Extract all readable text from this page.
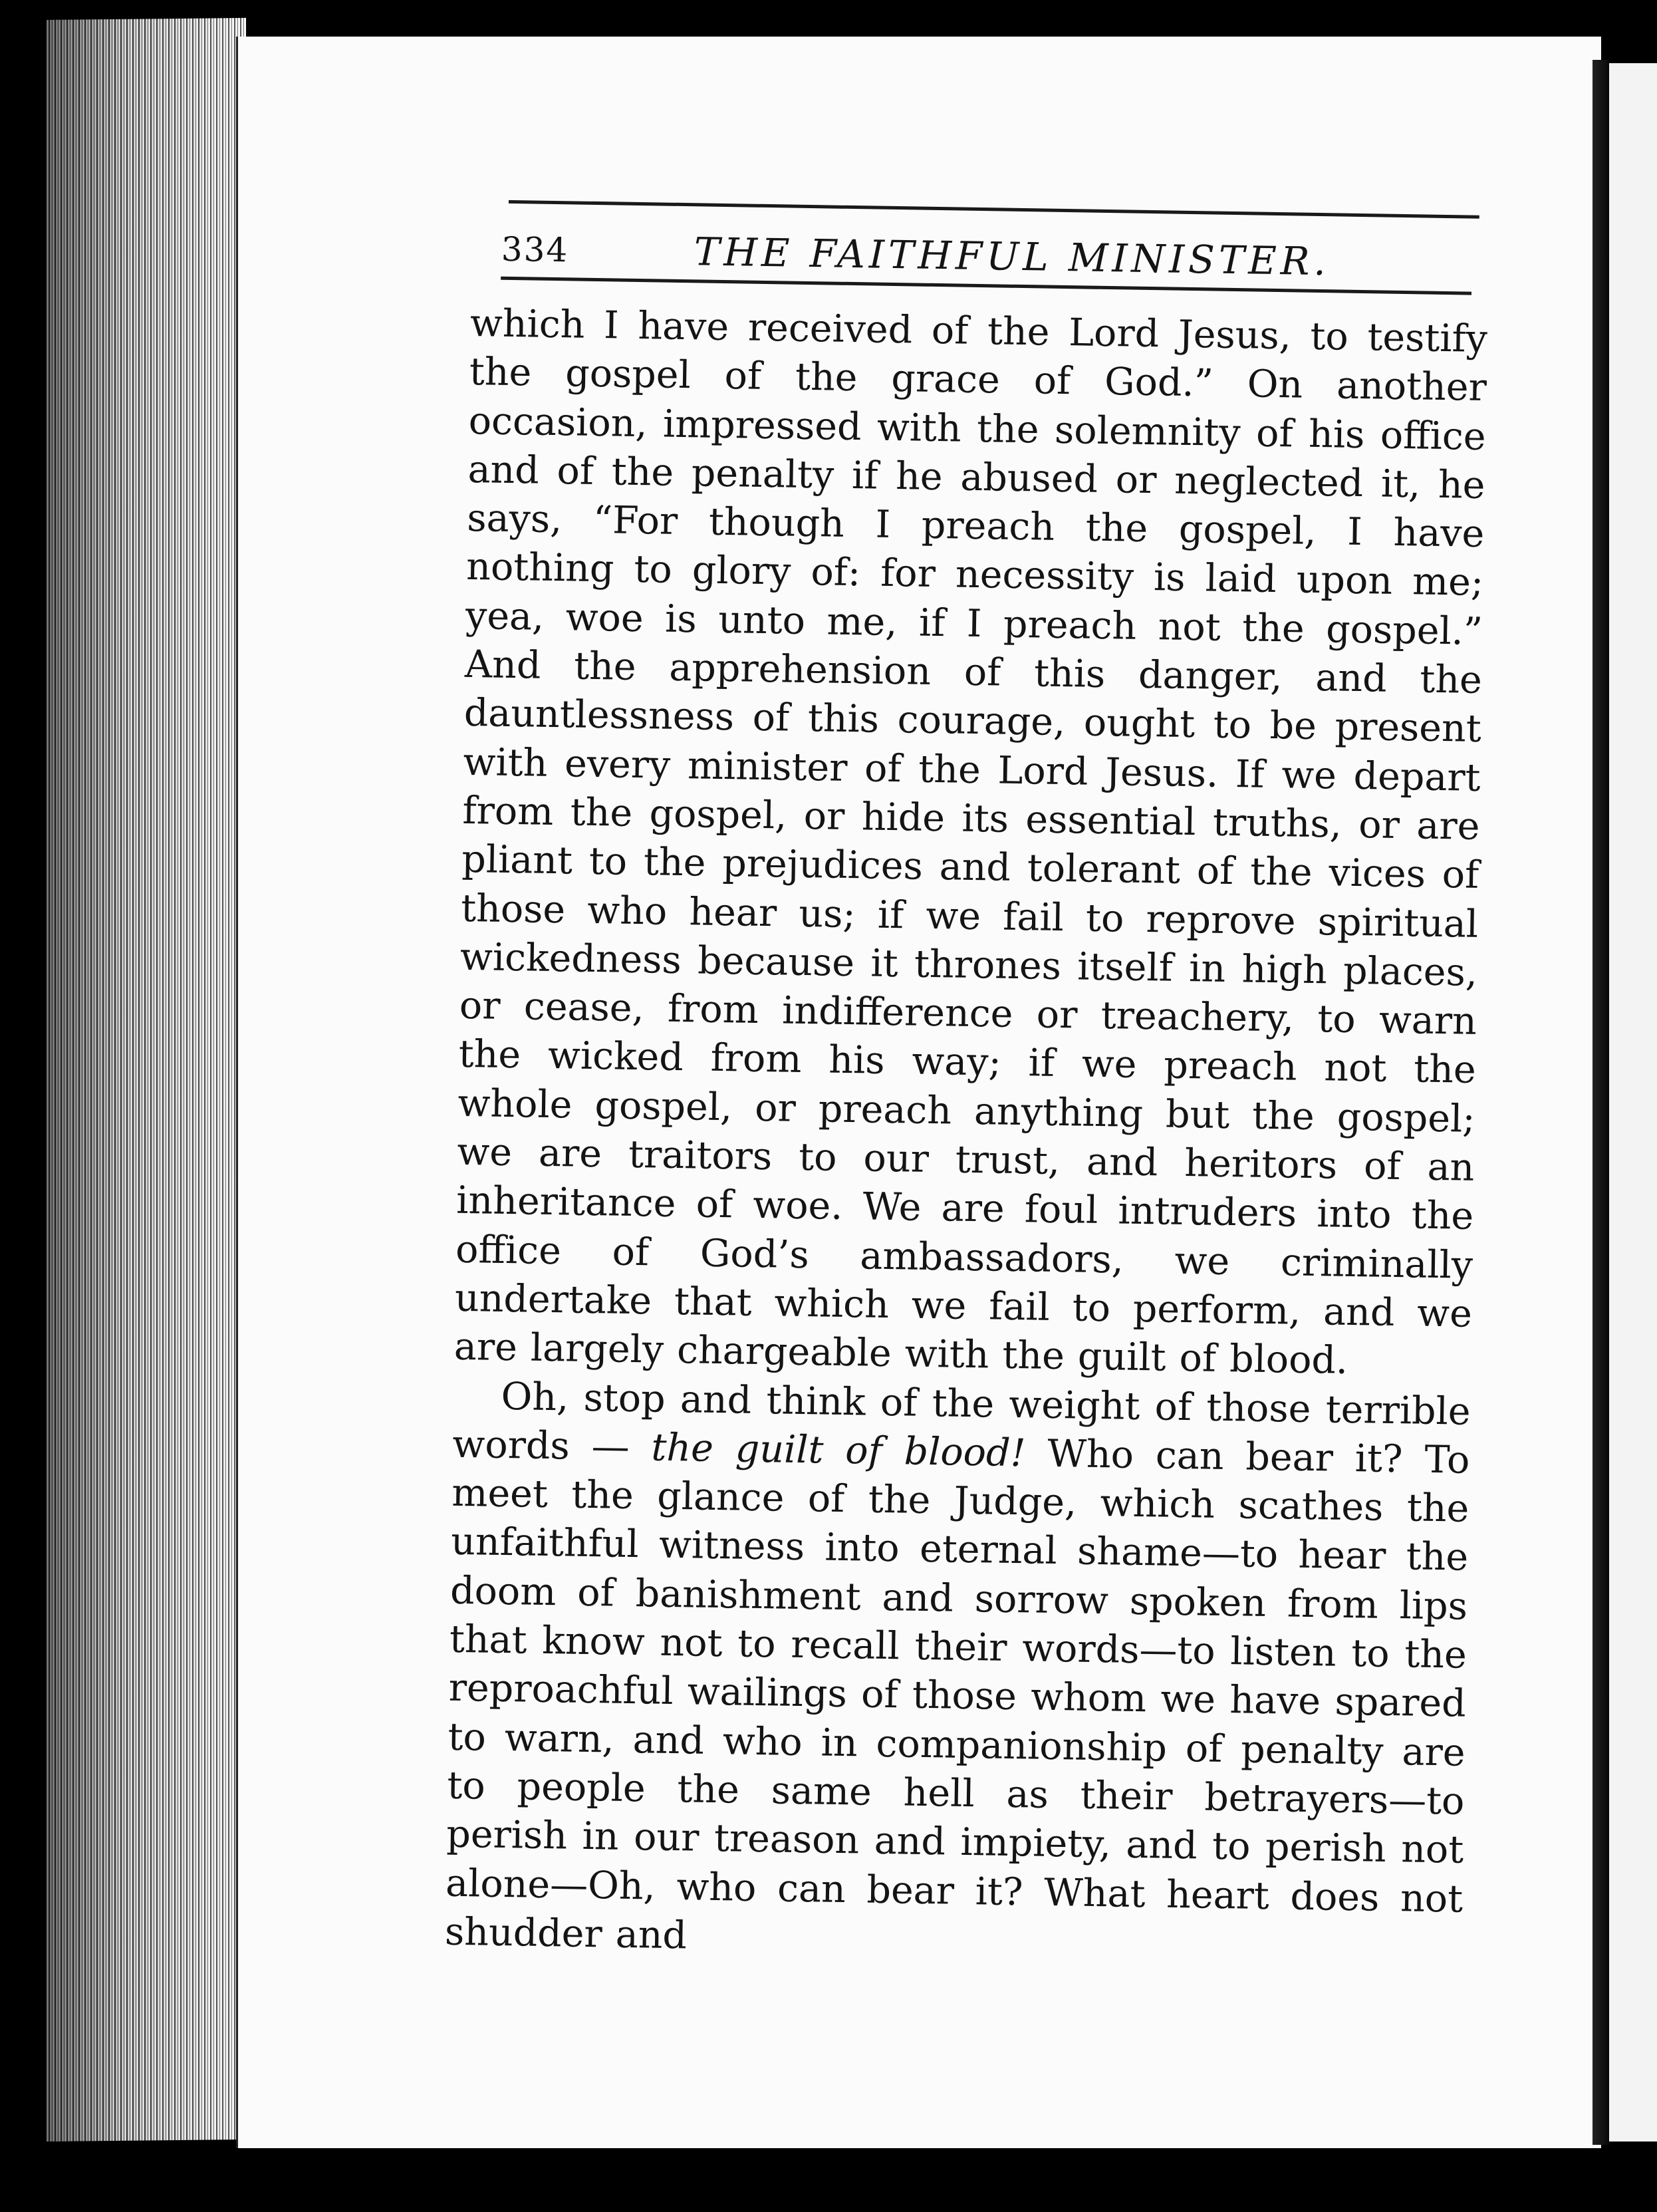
334	THE FAITHFUL MINISTER.

which I have received of the Lord Jesus, to testify the gospel of the grace of God.” On another occasion, impressed with the solemnity of his office and of the penalty if he abused or neglected it, he says, “For though I preach the gospel, I have nothing to glory of: for necessity is laid upon me; yea, woe is unto me, if I preach not the gospel.” And the apprehension of this danger, and the dauntlessness of this courage, ought to be present with every minister of the Lord Jesus. If we depart from the gospel, or hide its essential truths, or are pliant to the prejudices and tolerant of the vices of those who hear us; if we fail to reprove spiritual wickedness because it thrones itself in high places, or cease, from indifference or treachery, to warn the wicked from his way; if we preach not the whole gospel, or preach anything but the gospel; we are traitors to our trust, and heritors of an inheritance of woe. We are foul intruders into the office of God’s ambassadors, we criminally undertake that which we fail to perform, and we are largely chargeable with the guilt of blood.

Oh, stop and think of the weight of those terrible words — the guilt of blood! Who can bear it? To meet the glance of the Judge, which scathes the unfaithful witness into eternal shame—to hear the doom of banishment and sorrow spoken from lips that know not to recall their words—to listen to the reproachful wailings of those whom we have spared to warn, and who in companionship of penalty are to people the same hell as their betrayers—to perish in our treason and impiety, and to perish not alone—Oh, who can bear it? What heart does not shudder and
